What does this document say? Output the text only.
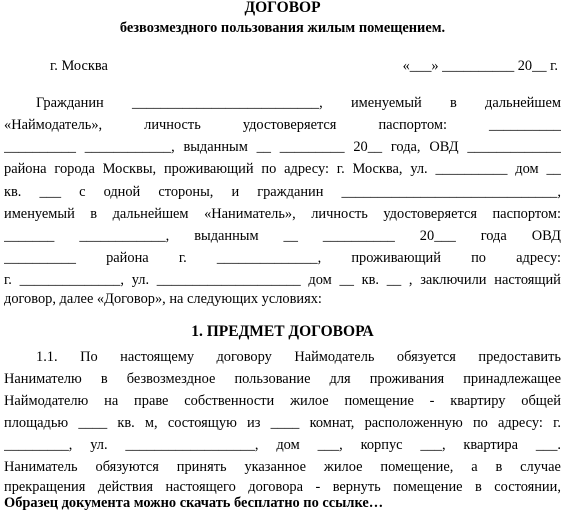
ДОГОВОР
безвозмездного пользования жилым помещением.
г. Москва	«___» __________ 20__ г.
Гражданин __________________________, именуемый в дальнейшем
«Наймодатель»,	личность	удостоверяется	паспортом:	__________
__________ ____________, выданным __ _________ 20__ года, ОВД _____________
района города Москвы, проживающий по адресу: г. Москва, ул. __________ дом __
кв. ___ с одной стороны, и гражданин ______________________________,
именуемый в дальнейшем «Наниматель», личность удостоверяется паспортом:
_______ ____________, выданным __ __________ 20___ года ОВД
__________ района г. ______________, проживающий по адресу:
г. ______________, ул. ____________________ дом __ кв. __ , заключили настоящий
договор, далее «Договор», на следующих условиях:
1. ПРЕДМЕТ ДОГОВОРА
1.1. По настоящему договору Наймодатель обязуется предоставить
Нанимателю в безвозмездное пользование для проживания принадлежащее
Наймодателю на праве собственности жилое помещение - квартиру общей
площадью ____ кв. м, состоящую из ____ комнат, расположенную по адресу: г.
_________, ул. __________________, дом ___, корпус ___, квартира ___.
Наниматель обязуются принять указанное жилое помещение, а в случае
прекращения действия настоящего договора - вернуть помещение в состоянии,
Образец документа можно скачать бесплатно по ссылке…
